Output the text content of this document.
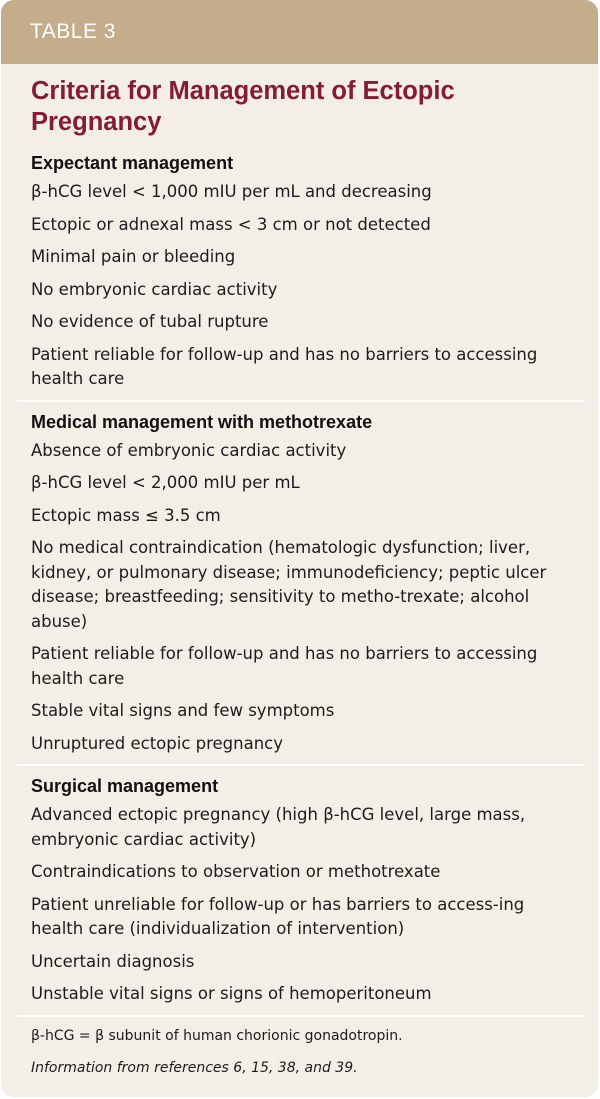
TABLE 3
Criteria for Management of Ectopic Pregnancy
Expectant management
β-hCG level < 1,000 mIU per mL and decreasing
Ectopic or adnexal mass < 3 cm or not detected
Minimal pain or bleeding
No embryonic cardiac activity
No evidence of tubal rupture
Patient reliable for follow-up and has no barriers to accessing health care
Medical management with methotrexate
Absence of embryonic cardiac activity
β-hCG level < 2,000 mIU per mL
Ectopic mass ≤ 3.5 cm
No medical contraindication (hematologic dysfunction; liver, kidney, or pulmonary disease; immunodeficiency; peptic ulcer disease; breastfeeding; sensitivity to metho-trexate; alcohol abuse)
Patient reliable for follow-up and has no barriers to accessing health care
Stable vital signs and few symptoms
Unruptured ectopic pregnancy
Surgical management
Advanced ectopic pregnancy (high β-hCG level, large mass, embryonic cardiac activity)
Contraindications to observation or methotrexate
Patient unreliable for follow-up or has barriers to access-ing health care (individualization of intervention)
Uncertain diagnosis
Unstable vital signs or signs of hemoperitoneum
β-hCG = β subunit of human chorionic gonadotropin.
Information from references 6, 15, 38, and 39.
